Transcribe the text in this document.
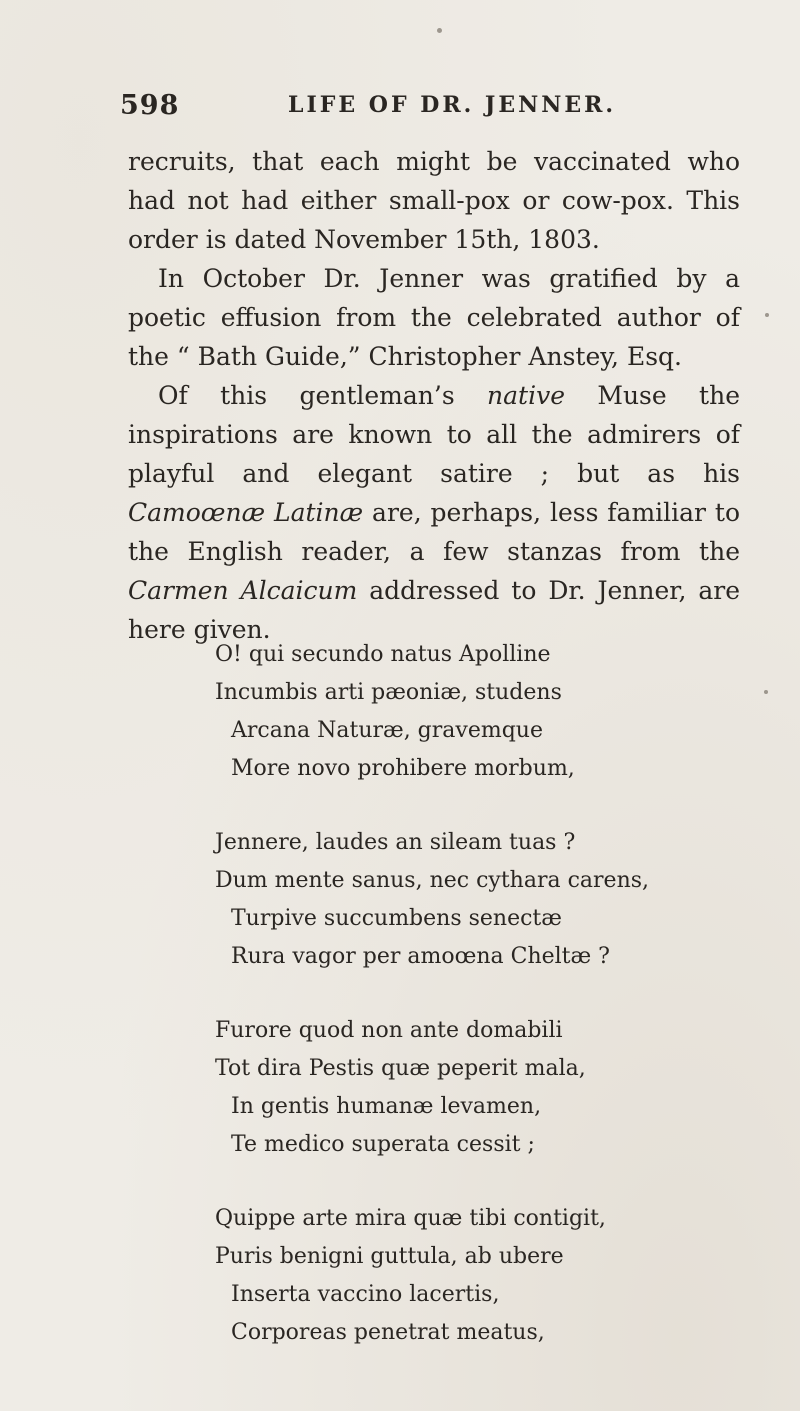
598	LIFE OF DR. JENNER.

recruits, that each might be vaccinated who had not had either small-pox or cow-pox. This order is dated November 15th, 1803.

In October Dr. Jenner was gratified by a poetic effusion from the celebrated author of the “ Bath Guide,” Christopher Anstey, Esq.

Of this gentleman’s native Muse the inspirations are known to all the admirers of playful and elegant satire ; but as his Camoœnæ Latinæ are, perhaps, less familiar to the English reader, a few stanzas from the Carmen Alcaicum addressed to Dr. Jenner, are here given.

O! qui secundo natus Apolline
Incumbis arti pæoniæ, studens
Arcana Naturæ, gravemque
More novo prohibere morbum,
Jennere, laudes an sileam tuas ?
Dum mente sanus, nec cythara carens,
Turpive succumbens senectæ
Rura vagor per amoœna Cheltæ ?
Furore quod non ante domabili
Tot dira Pestis quæ peperit mala,
In gentis humanæ levamen,
Te medico superata cessit ;
Quippe arte mira quæ tibi contigit,
Puris benigni guttula, ab ubere
Inserta vaccino lacertis,
Corporeas penetrat meatus,
